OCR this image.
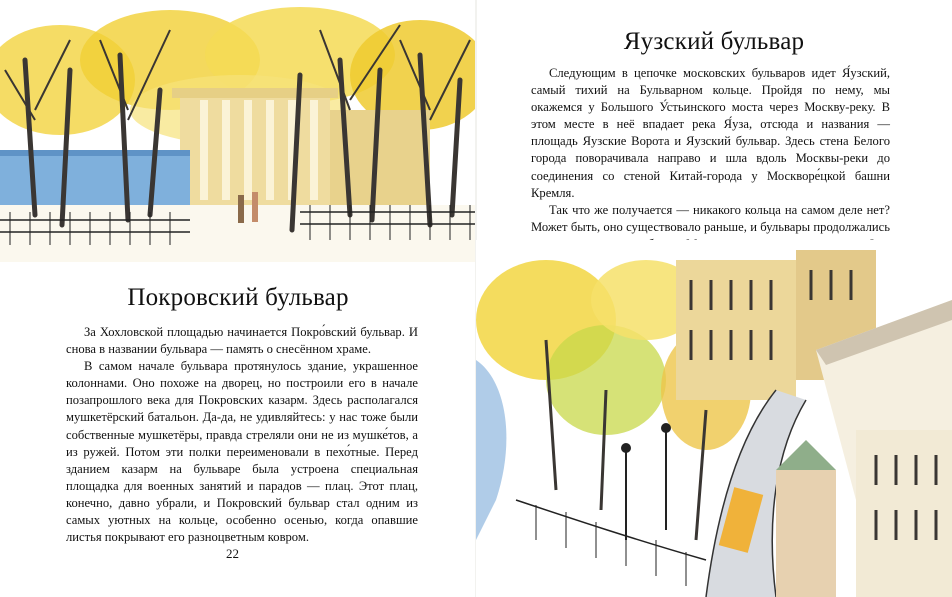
Покровский бульвар

За Хохловской площадью начинается Покро́вский бульвар. И снова в названии бульвара — память о снесённом храме.

В самом начале бульвара протянулось здание, украшенное колоннами. Оно похоже на дворец, но построили его в начале позапрошлого века для Покровских казарм. Здесь располагался мушкетёрский батальон. Да-да, не удивляйтесь: у нас тоже были собственные мушкетёры, правда стреляли они не из мушке́тов, а из ружей. Потом эти полки переименовали в пехо́тные. Перед зданием казарм на бульваре была устроена специальная площадка для военных занятий и парадов — плац. Этот плац, конечно, давно убрали, и Покровский бульвар стал одним из самых уютных на кольце, особенно осенью, когда опавшие листья покрывают его разноцветным ковром.

22
Яузский бульвар

Следующим в цепочке московских бульваров идет Я́узский, самый тихий на Бульварном кольце. Пройдя по нему, мы окажемся у Большого У́стьинского моста через Москву-реку. В этом месте в неё впадает река Я́уза, отсюда и названия — площадь Яузские Ворота и Яузский бульвар. Здесь стена Белого города поворачивала направо и шла вдоль Москвы-реки до соединения со стеной Китай-города у Москворе́цкой башни Кремля.

Так что же получается — никакого кольца на самом деле нет? Может быть, оно существовало раньше, и бульвары продолжались
